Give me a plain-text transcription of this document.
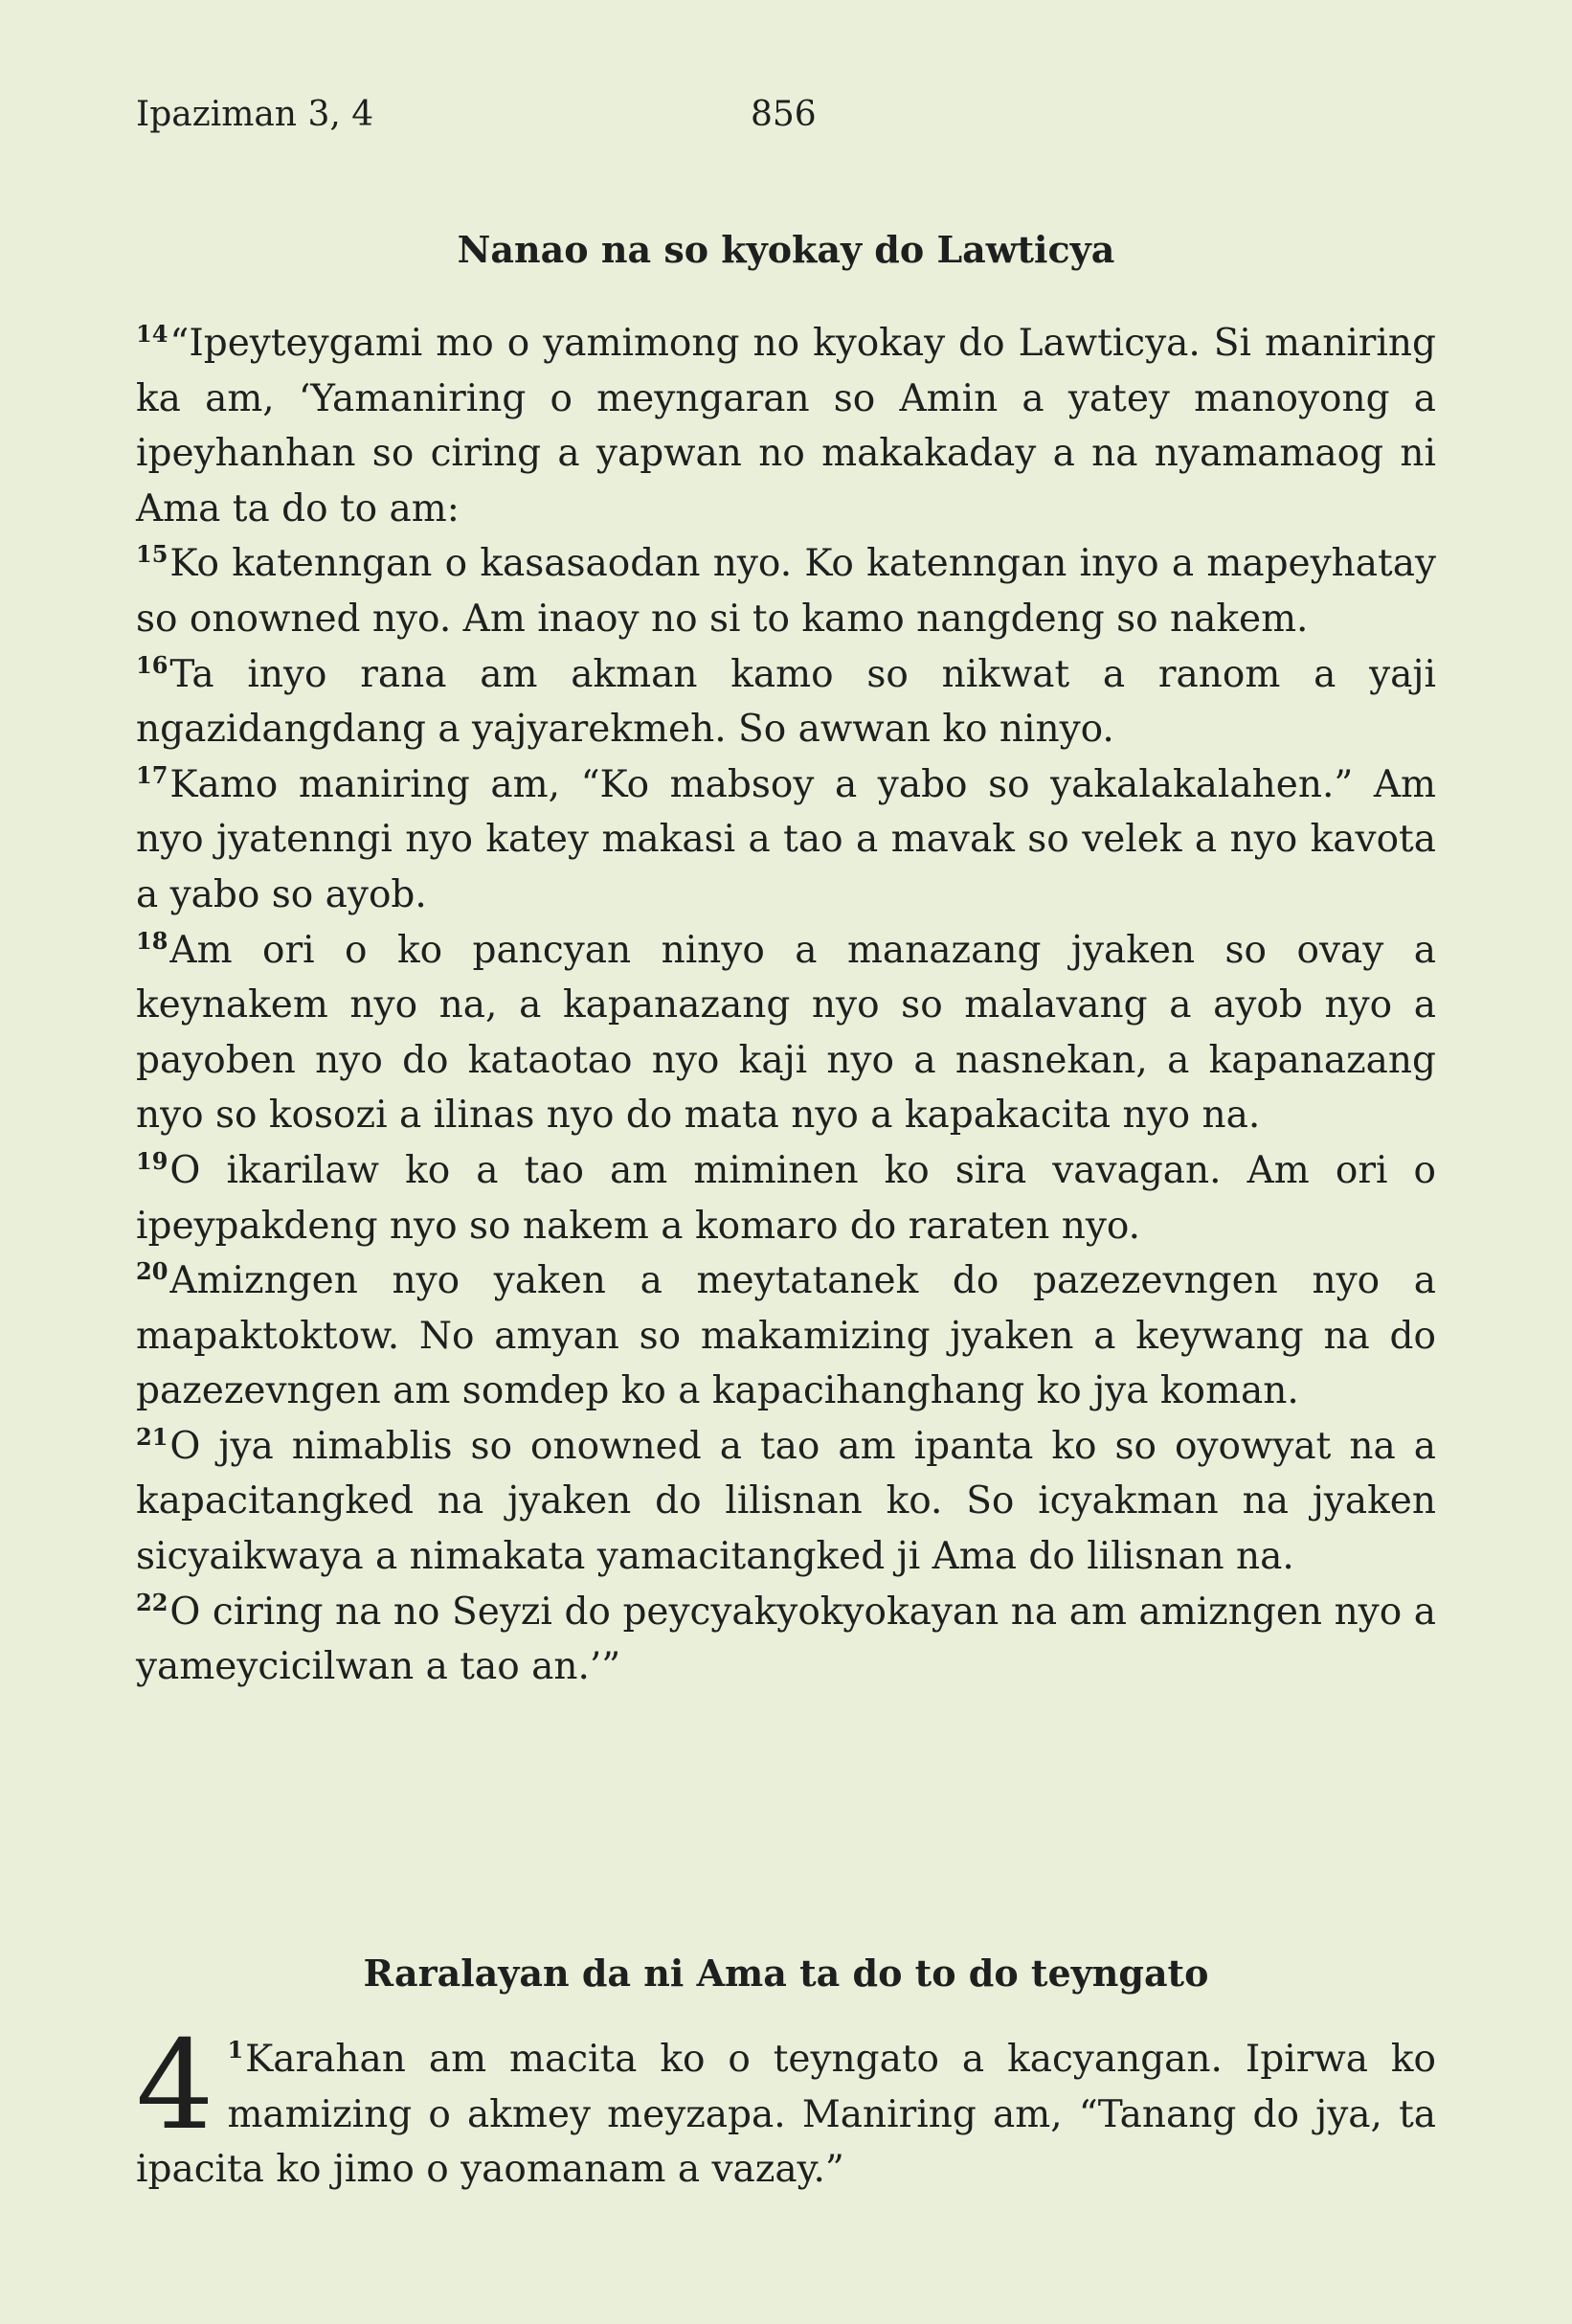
Ipaziman 3, 4	856
Nanao na so kyokay do Lawticya

$^{14}$“Ipeyteygami mo o yamimong no kyokay do Lawticya. Si maniring ka am, ‘Yamaniring o meyngaran so Amin a yatey manoyong a ipeyhanhan so ciring a yapwan no makakaday a na nyamamaog ni Ama ta do to am:

$^{15}$Ko katenngan o kasasaodan nyo. Ko katenngan inyo a mapeyhatay so onowned nyo. Am inaoy no si to kamo nangdeng so nakem.

$^{16}$Ta inyo rana am akman kamo so nikwat a ranom a yaji ngazidangdang a yajyarekmeh. So awwan ko ninyo.

$^{17}$Kamo maniring am, “Ko mabsoy a yabo so yakalakalahen.” Am nyo jyatenngi nyo katey makasi a tao a mavak so velek a nyo kavota a yabo so ayob.

$^{18}$Am ori o ko pancyan ninyo a manazang jyaken so ovay a keynakem nyo na, a kapanazang nyo so malavang a ayob nyo a payoben nyo do kataotao nyo kaji nyo a nasnekan, a kapanazang nyo so kosozi a ilinas nyo do mata nyo a kapakacita nyo na.

$^{19}$O ikarilaw ko a tao am miminen ko sira vavagan. Am ori o ipeypakdeng nyo so nakem a komaro do raraten nyo.

$^{20}$Amizngen nyo yaken a meytatanek do pazezevngen nyo a mapaktoktow. No amyan so makamizing jyaken a keywang na do pazezevngen am somdep ko a kapacihanghang ko jya koman.

$^{21}$O jya nimablis so onowned a tao am ipanta ko so oyowyat na a kapacitangked na jyaken do lilisnan ko. So icyakman na jyaken sicyaikwaya a nimakata yamacitangked ji Ama do lilisnan na.

$^{22}$O ciring na no Seyzi do peycyakyokyokayan na am amizngen nyo a yameycicilwan a tao an.’”

Raralayan da ni Ama ta do to do teyngato
4 $^1$Karahan am macita ko o teyngato a kacyangan. Ipirwa ko mamizing o akmey meyzapa. Maniring am, “Tanang do jya, ta ipacita ko jimo o yaomanam a vazay.”
